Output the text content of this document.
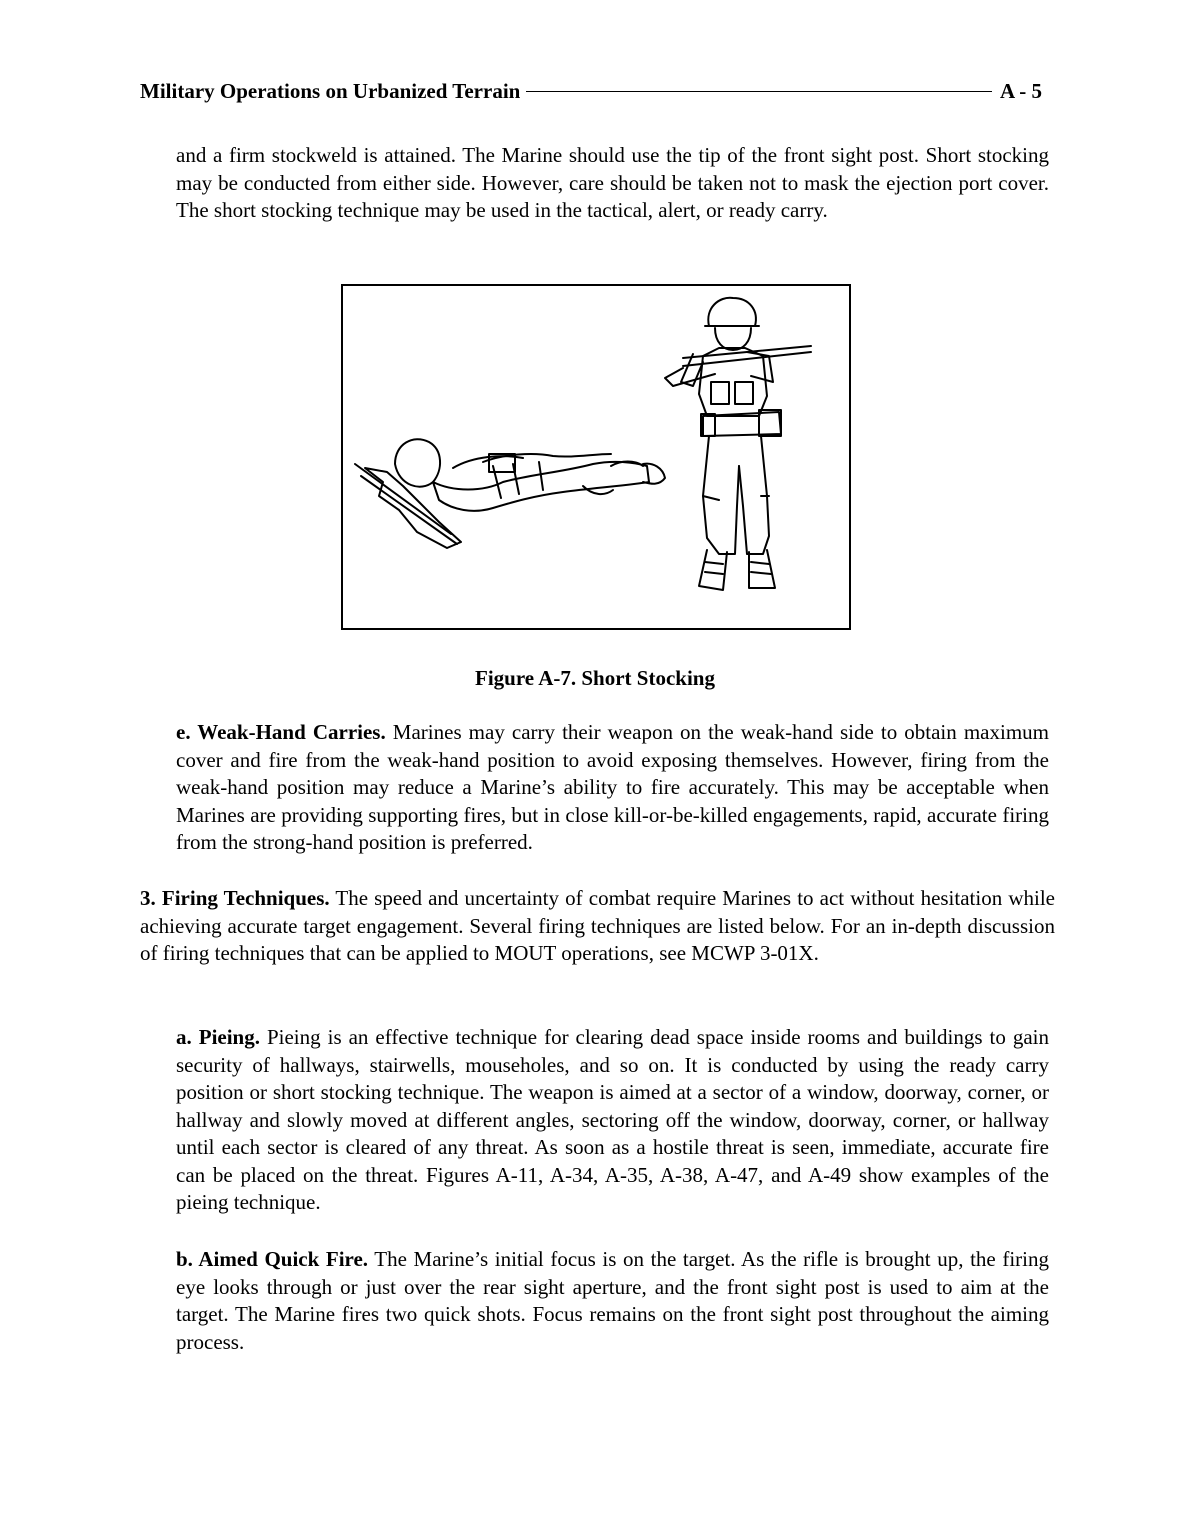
Military Operations on Urbanized Terrain	A - 5

and a firm stockweld is attained. The Marine should use the tip of the front sight post. Short stocking may be conducted from either side. However, care should be taken not to mask the ejection port cover. The short stocking technique may be used in the tactical, alert, or ready carry.

Figure A-7. Short Stocking

e. Weak-Hand Carries. Marines may carry their weapon on the weak-hand side to obtain maximum cover and fire from the weak-hand position to avoid exposing themselves. However, firing from the weak-hand position may reduce a Marine’s ability to fire accurately. This may be acceptable when Marines are providing supporting fires, but in close kill-or-be-killed engagements, rapid, accurate firing from the strong-hand position is preferred.

3. Firing Techniques. The speed and uncertainty of combat require Marines to act without hesitation while achieving accurate target engagement. Several firing techniques are listed below. For an in-depth discussion of firing techniques that can be applied to MOUT operations, see MCWP 3-01X.

a. Pieing. Pieing is an effective technique for clearing dead space inside rooms and buildings to gain security of hallways, stairwells, mouseholes, and so on. It is conducted by using the ready carry position or short stocking technique. The weapon is aimed at a sector of a window, doorway, corner, or hallway and slowly moved at different angles, sectoring off the window, doorway, corner, or hallway until each sector is cleared of any threat. As soon as a hostile threat is seen, immediate, accurate fire can be placed on the threat. Figures A-11, A-34, A-35, A-38, A-47, and A-49 show examples of the pieing technique.

b. Aimed Quick Fire. The Marine’s initial focus is on the target. As the rifle is brought up, the firing eye looks through or just over the rear sight aperture, and the front sight post is used to aim at the target. The Marine fires two quick shots. Focus remains on the front sight post throughout the aiming process.
